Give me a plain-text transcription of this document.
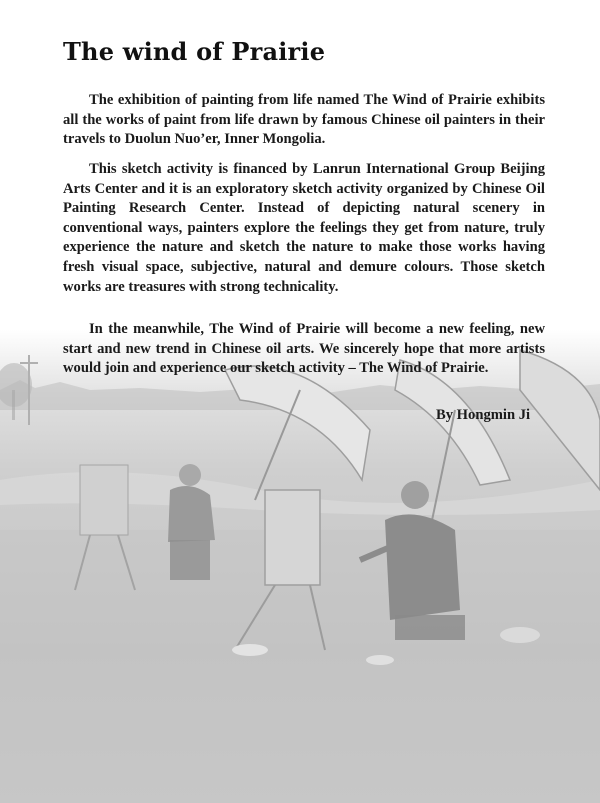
The wind of Prairie

The exhibition of painting from life named The Wind of Prairie exhibits all the works of paint from life drawn by famous Chinese oil painters in their travels to Duolun Nuo’er, Inner Mongolia.

This sketch activity is financed by Lanrun International Group Beijing Arts Center and it is an exploratory sketch activity organized by Chinese Oil Painting Research Center. Instead of depicting natural scenery in conventional ways, painters explore the feelings they get from nature, truly experience the nature and sketch the nature to make those works having fresh visual space, subjective, natural and demure colours. Those sketch works are treasures with strong technicality.

In the meanwhile, The Wind of Prairie will become a new feeling, new start and new trend in Chinese oil arts. We sincerely hope that more artists would join and experience our sketch activity – The Wind of Prairie.

By Hongmin Ji
